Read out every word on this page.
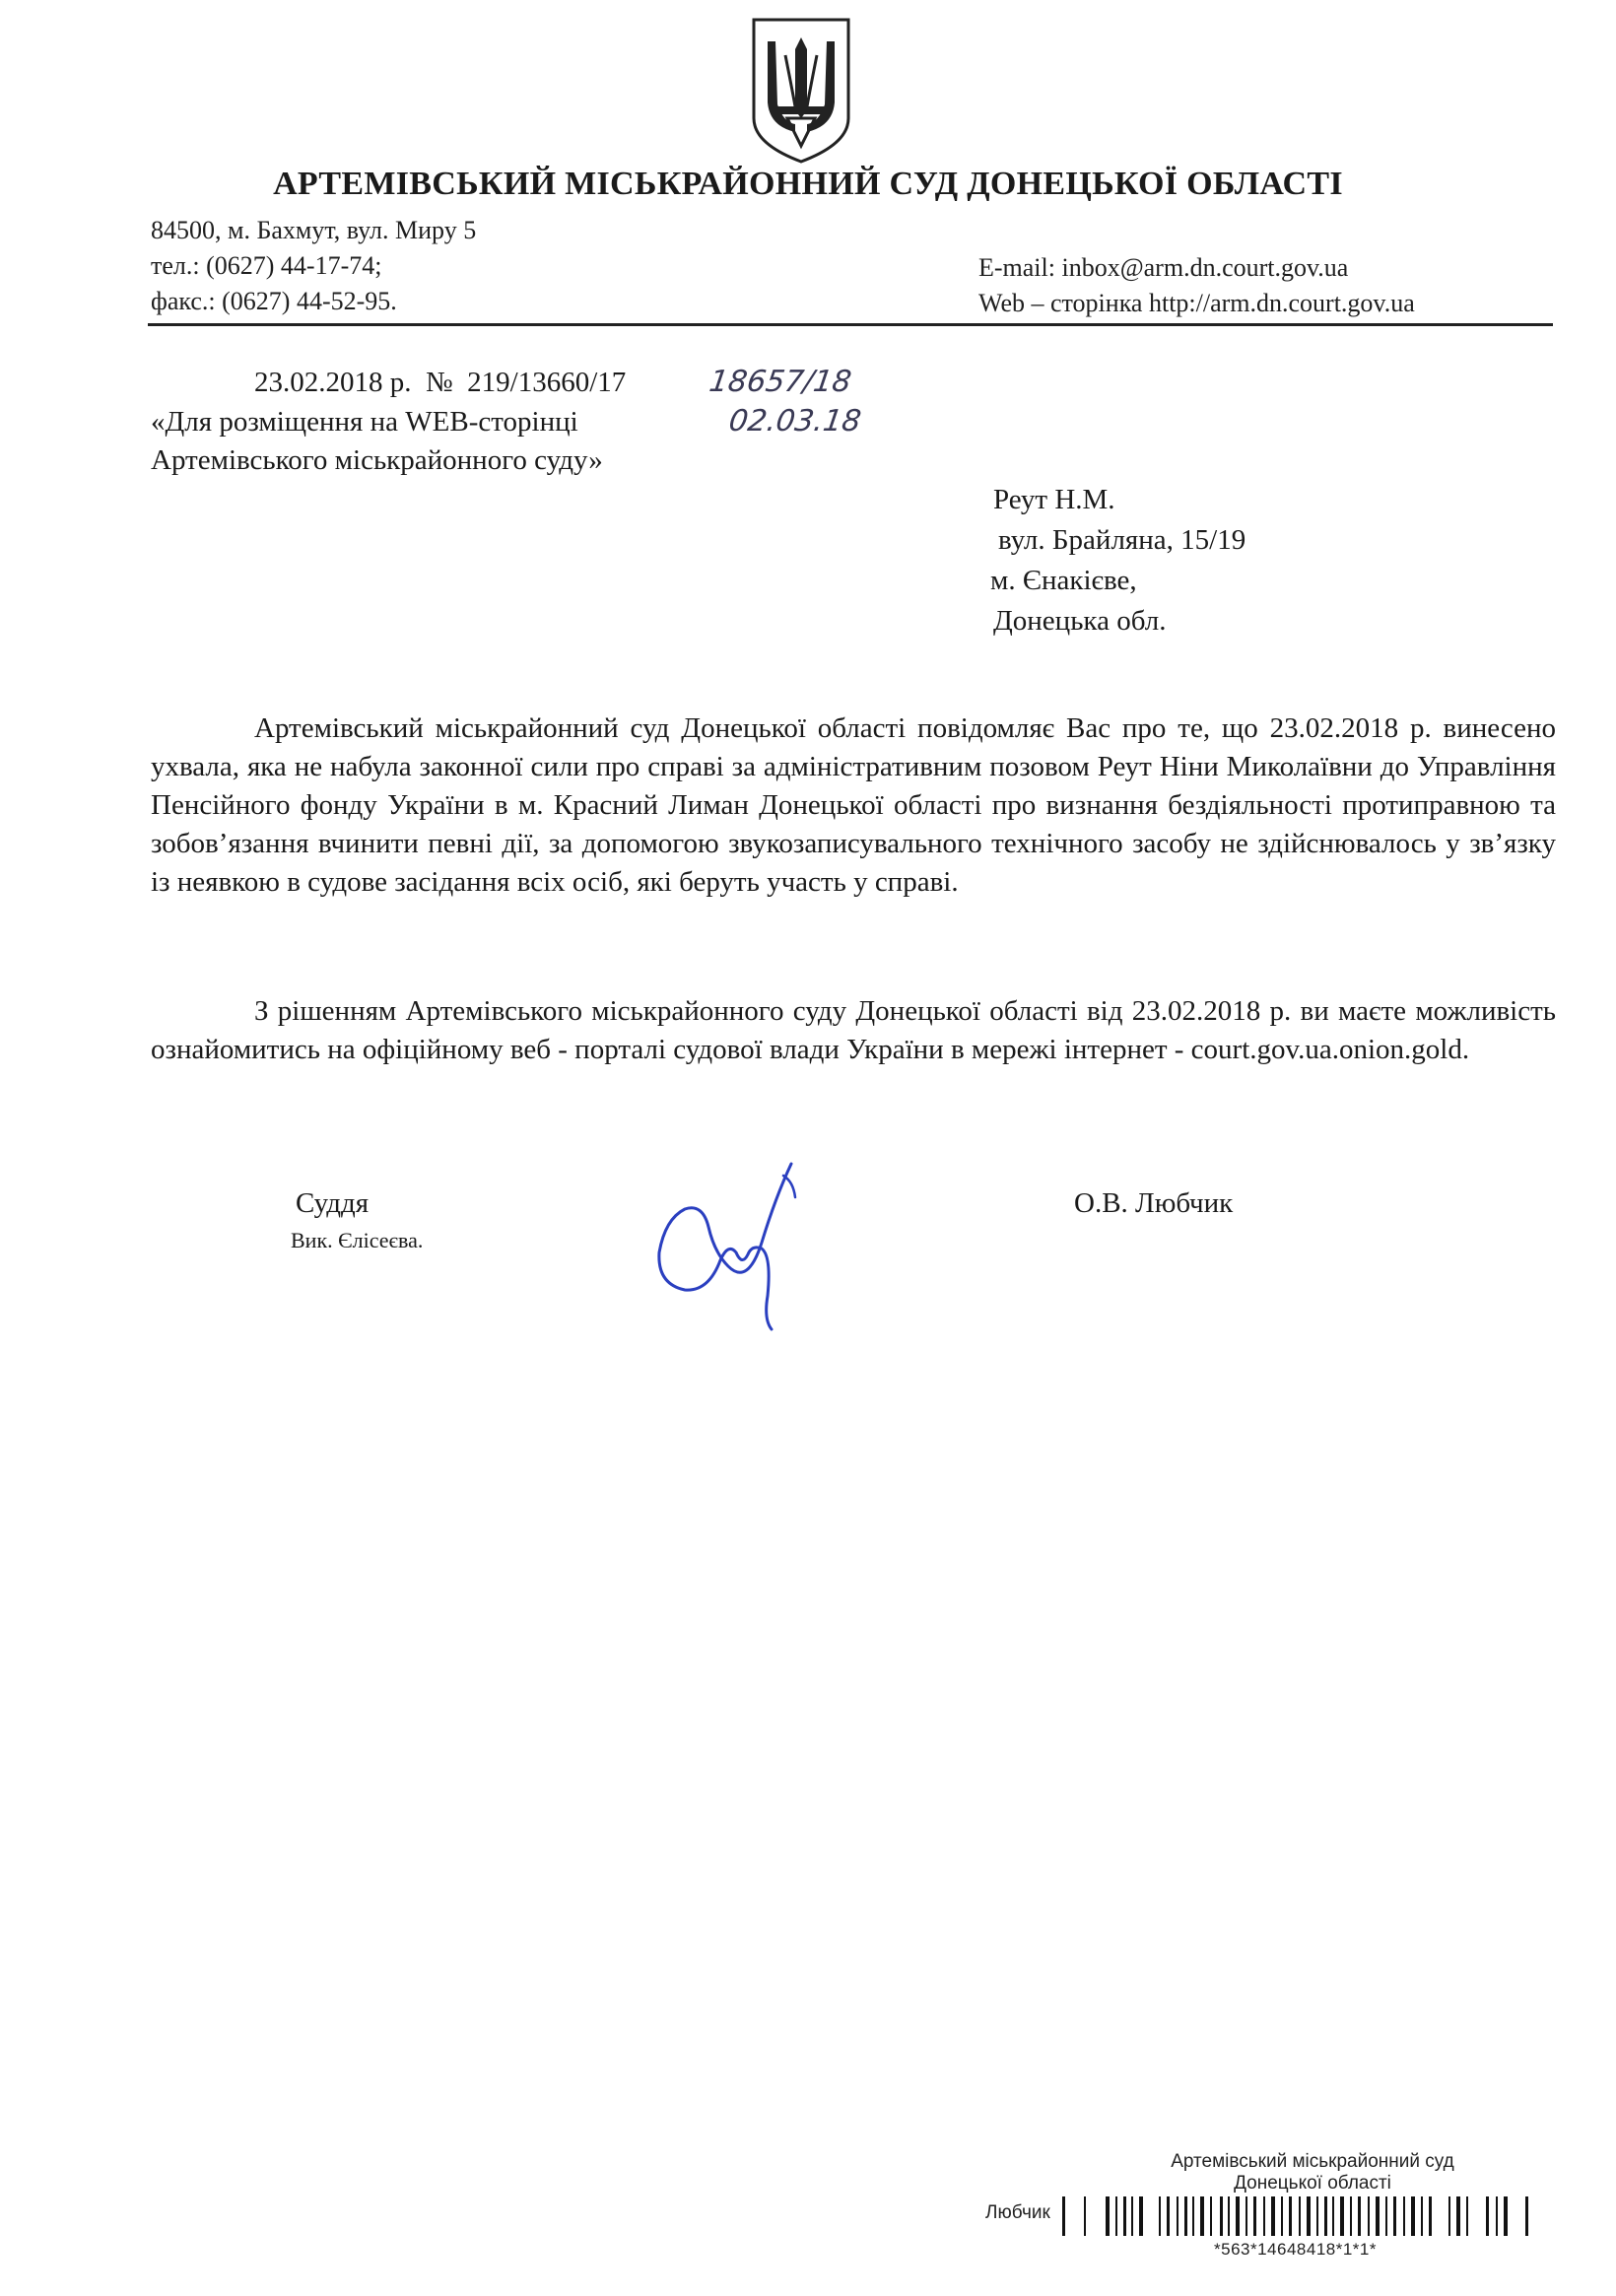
АРТЕМІВСЬКИЙ МІСЬКРАЙОННИЙ СУД ДОНЕЦЬКОЇ ОБЛАСТІ
84500, м. Бахмут, вул. Миру 5
тел.: (0627) 44-17-74;
факс.: (0627) 44-52-95.
E-mail: inbox@arm.dn.court.gov.ua
Web – сторінка http://arm.dn.court.gov.ua
23.02.2018 р.  №  219/13660/17
«Для розміщення на WEB-сторінці Артемівського міськрайонного суду»
18657/18
02.03.18
Реут Н.М.
вул. Брайляна, 15/19
м. Єнакієве,
Донецька обл.
Артемівський міськрайонний суд Донецької області повідомляє Вас про те, що 23.02.2018 р. винесено ухвала, яка не набула законної сили про справі за адміністративним позовом Реут Ніни Миколаївни до Управління Пенсійного фонду України в м. Красний Лиман Донецької області про визнання бездіяльності протиправною та зобов’язання вчинити певні дії, за допомогою звукозаписувального технічного засобу не здійснювалось у зв’язку із неявкою в судове засідання всіх осіб, які беруть участь у справі.
З рішенням Артемівського міськрайонного суду Донецької області від 23.02.2018 р. ви маєте можливість ознайомитись на офіційному веб - порталі судової влади України в мережі інтернет - court.gov.ua.onion.gold.
Суддя
Вик. Єлісеєва.
О.В. Любчик
Артемівський міськрайонний суд
Донецької області
Любчик
*563*14648418*1*1*
